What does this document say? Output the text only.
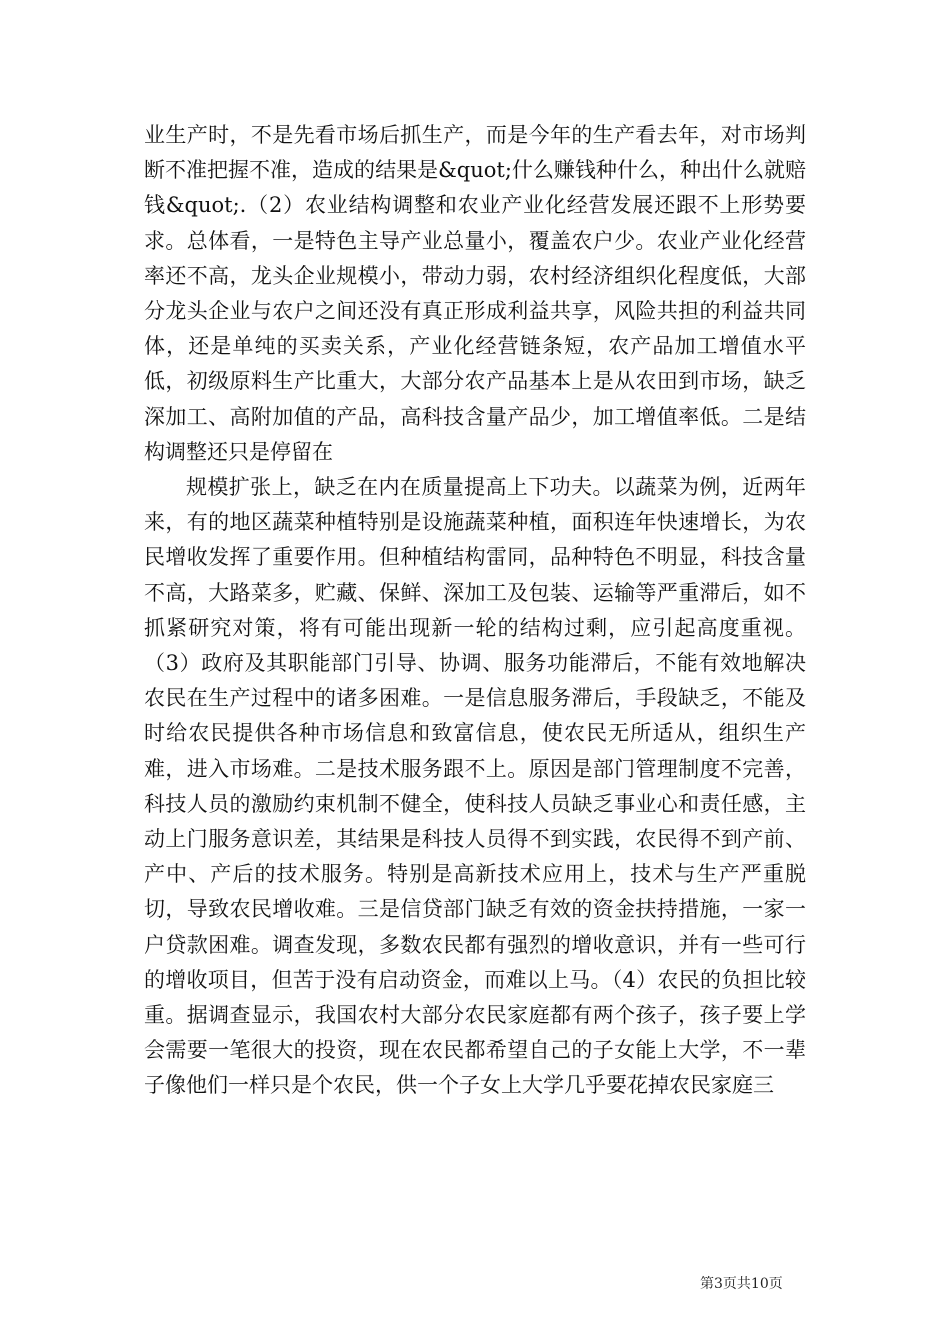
业生产时，不是先看市场后抓生产，而是今年的生产看去年，对市场判断不准把握不准，造成的结果是&quot;什么赚钱种什么，种出什么就赔钱&quot;.（2）农业结构调整和农业产业化经营发展还跟不上形势要求。总体看，一是特色主导产业总量小，覆盖农户少。农业产业化经营率还不高，龙头企业规模小，带动力弱，农村经济组织化程度低，大部分龙头企业与农户之间还没有真正形成利益共享，风险共担的利益共同体，还是单纯的买卖关系，产业化经营链条短，农产品加工增值水平低，初级原料生产比重大，大部分农产品基本上是从农田到市场，缺乏深加工、高附加值的产品，高科技含量产品少，加工增值率低。二是结构调整还只是停留在

规模扩张上，缺乏在内在质量提高上下功夫。以蔬菜为例，近两年来，有的地区蔬菜种植特别是设施蔬菜种植，面积连年快速增长，为农民增收发挥了重要作用。但种植结构雷同，品种特色不明显，科技含量不高，大路菜多，贮藏、保鲜、深加工及包装、运输等严重滞后，如不抓紧研究对策，将有可能出现新一轮的结构过剩，应引起高度重视。（3）政府及其职能部门引导、协调、服务功能滞后，不能有效地解决农民在生产过程中的诸多困难。一是信息服务滞后，手段缺乏，不能及时给农民提供各种市场信息和致富信息，使农民无所适从，组织生产难，进入市场难。二是技术服务跟不上。原因是部门管理制度不完善，科技人员的激励约束机制不健全，使科技人员缺乏事业心和责任感，主动上门服务意识差，其结果是科技人员得不到实践，农民得不到产前、产中、产后的技术服务。特别是高新技术应用上，技术与生产严重脱切，导致农民增收难。三是信贷部门缺乏有效的资金扶持措施，一家一户贷款困难。调查发现，多数农民都有强烈的增收意识，并有一些可行的增收项目，但苦于没有启动资金，而难以上马。（4）农民的负担比较重。据调查显示，我国农村大部分农民家庭都有两个孩子，孩子要上学会需要一笔很大的投资，现在农民都希望自己的子女能上大学，不一辈子像他们一样只是个农民，供一个子女上大学几乎要花掉农民家庭三

第3页共10页
